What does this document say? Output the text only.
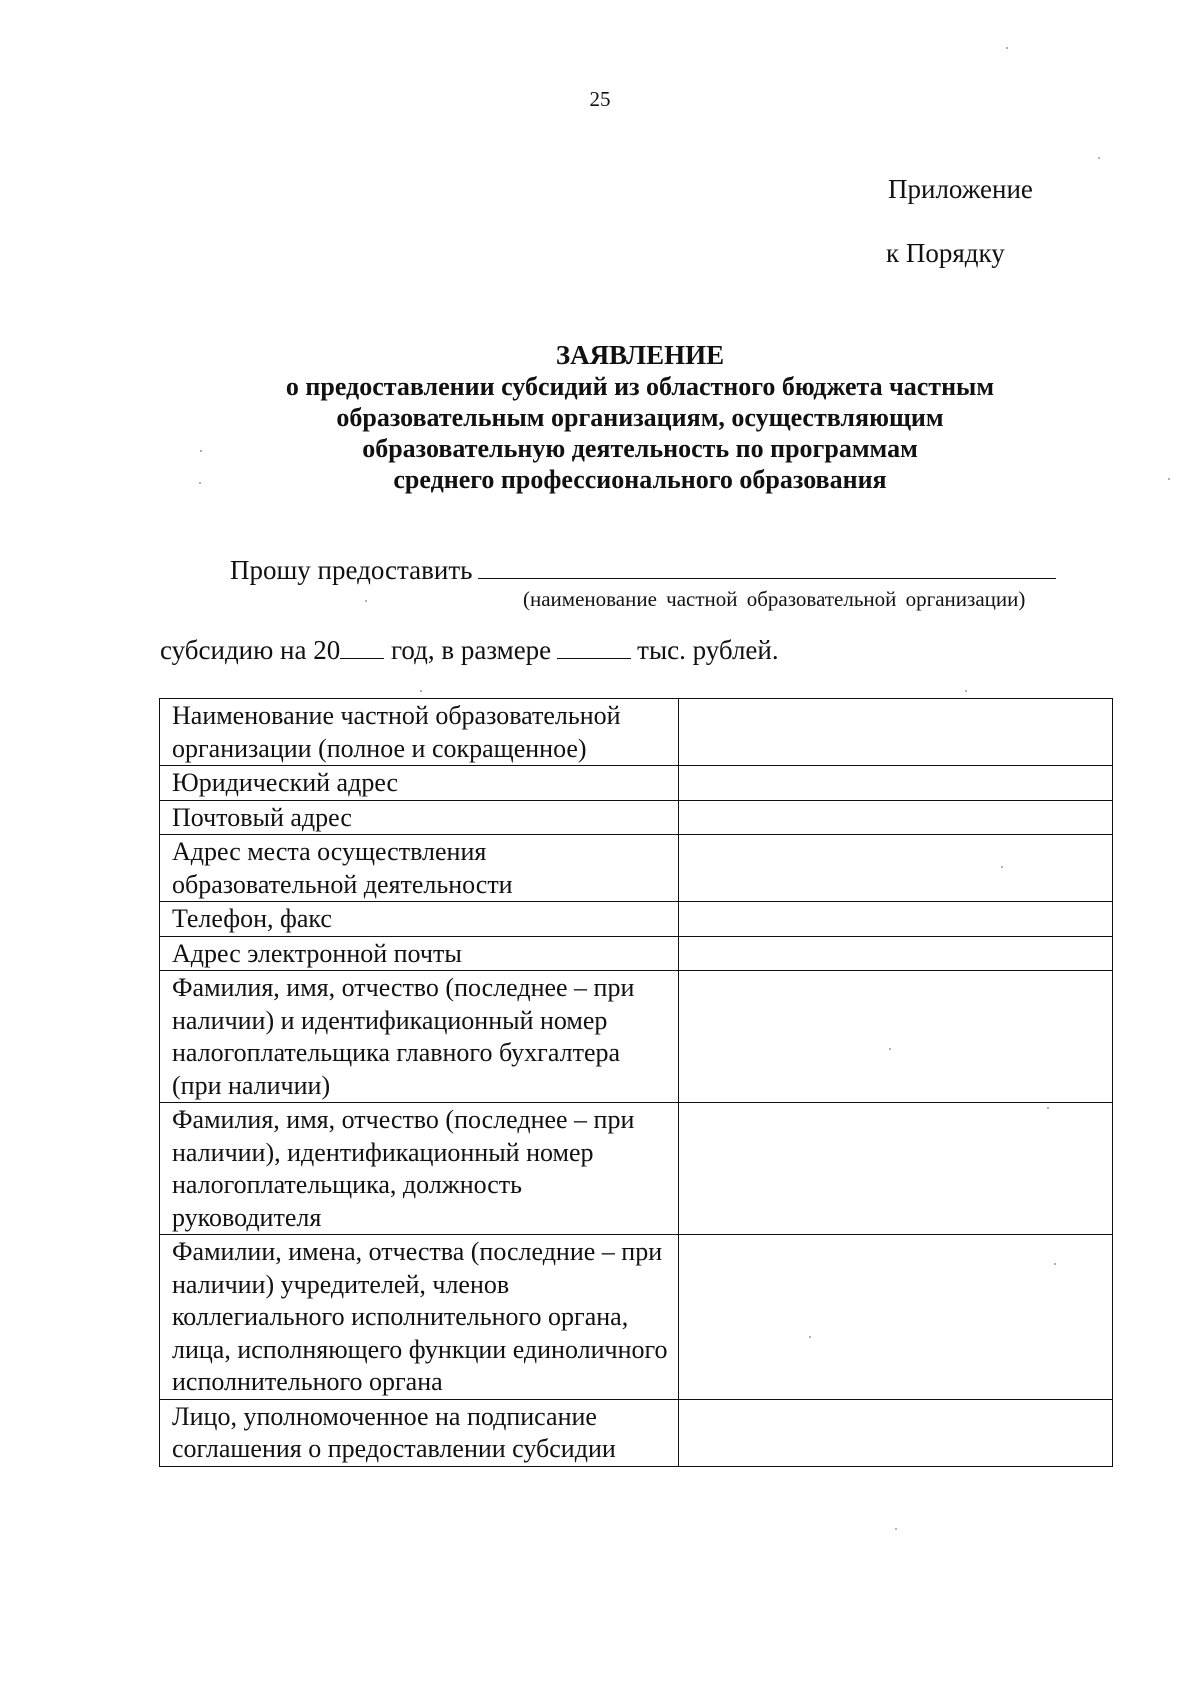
25
Приложение
к Порядку
ЗАЯВЛЕНИЕ
о предоставлении субсидий из областного бюджета частным
образовательным организациям, осуществляющим
образовательную деятельность по программам
среднего профессионального образования
Прошу предоставить
(наименование частной образовательной организации)
субсидию на 20 год, в размере	тыс. рублей.
Наименование частной образовательной организации (полное и сокращенное)	
Юридический адрес	
Почтовый адрес	
Адрес места осуществления образовательной деятельности	
Телефон, факс	
Адрес электронной почты	
Фамилия, имя, отчество (последнее – при наличии) и идентификационный номер налогоплательщика главного бухгалтера (при наличии)	
Фамилия, имя, отчество (последнее – при наличии), идентификационный номер налогоплательщика, должность руководителя	
Фамилии, имена, отчества (последние – при наличии) учредителей, членов коллегиального исполнительного органа, лица, исполняющего функции единоличного исполнительного органа	
Лицо, уполномоченное на подписание соглашения о предоставлении субсидии	
